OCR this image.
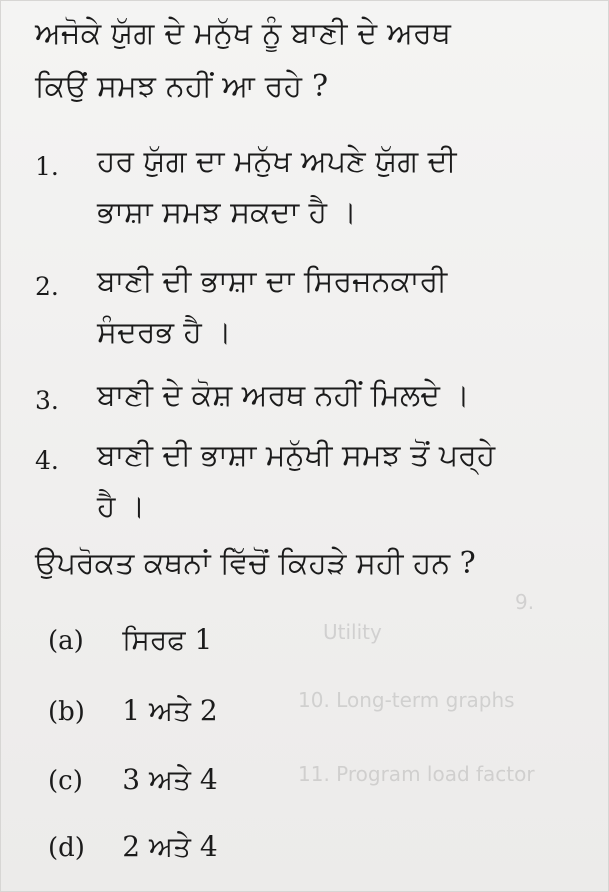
9.
Utility
10. Long-term graphs
11. Program load factor
ਅਜੋਕੇ ਯੁੱਗ ਦੇ ਮਨੁੱਖ ਨੂੰ ਬਾਣੀ ਦੇ ਅਰਥ
ਕਿਉਂ ਸਮਝ ਨਹੀਂ ਆ ਰਹੇ ?
1.	ਹਰ ਯੁੱਗ ਦਾ ਮਨੁੱਖ ਅਪਣੇ ਯੁੱਗ ਦੀ
ਭਾਸ਼ਾ ਸਮਝ ਸਕਦਾ ਹੈ ।
2.	ਬਾਣੀ ਦੀ ਭਾਸ਼ਾ ਦਾ ਸਿਰਜਨਕਾਰੀ
ਸੰਦਰਭ ਹੈ ।
3.	ਬਾਣੀ ਦੇ ਕੋਸ਼ ਅਰਥ ਨਹੀਂ ਮਿਲਦੇ ।
4.	ਬਾਣੀ ਦੀ ਭਾਸ਼ਾ ਮਨੁੱਖੀ ਸਮਝ ਤੋਂ ਪਰ੍ਹੇ
ਹੈ ।
ਉਪਰੋਕਤ ਕਥਨਾਂ ਵਿੱਚੋਂ ਕਿਹੜੇ ਸਹੀ ਹਨ ?
(a) ਸਿਰਫ 1
(b) 1 ਅਤੇ 2
(c) 3 ਅਤੇ 4
(d) 2 ਅਤੇ 4
